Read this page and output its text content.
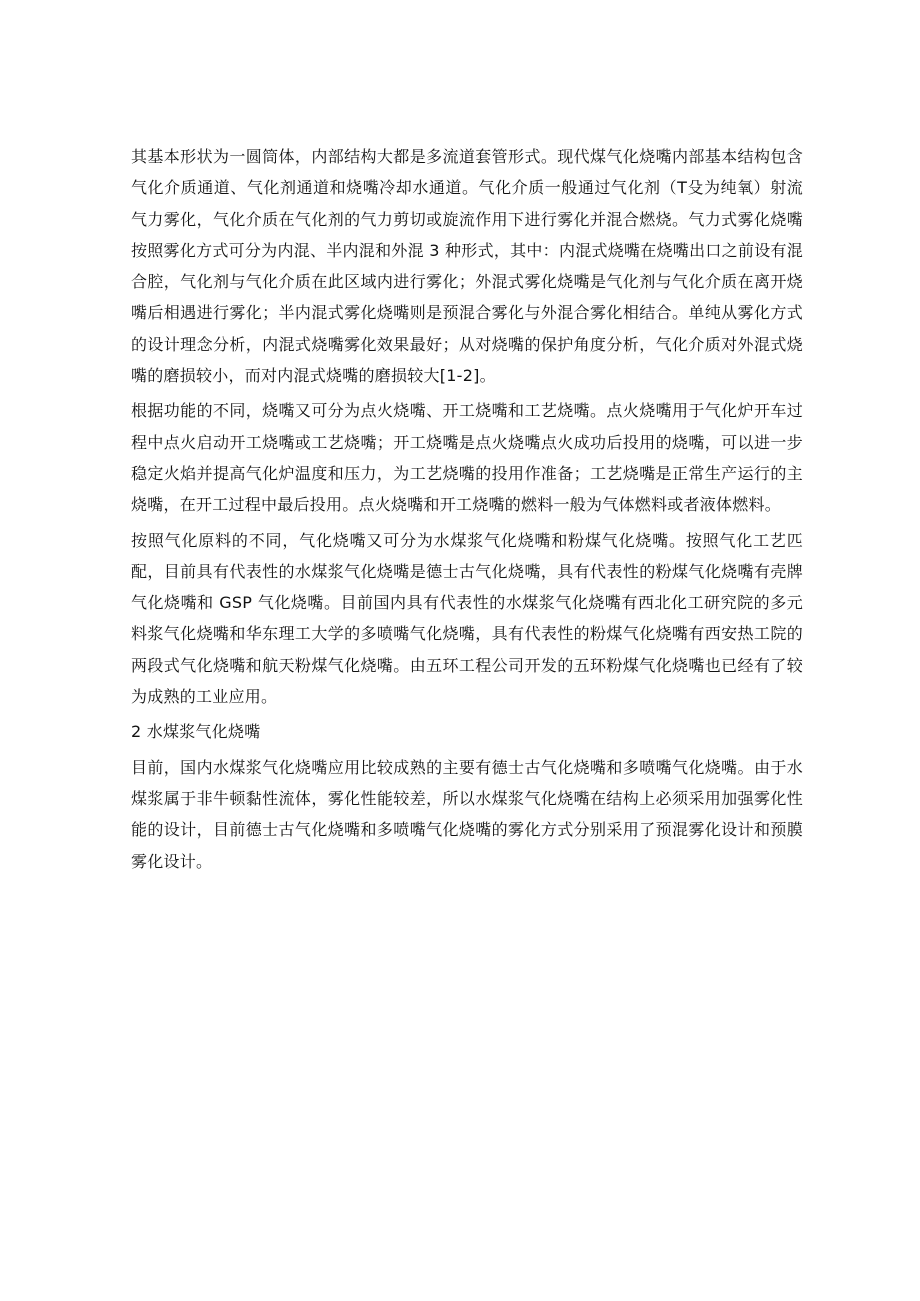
其基本形状为一圆筒体，内部结构大都是多流道套管形式。现代煤气化烧嘴内部基本结构包含气化介质通道、气化剂通道和烧嘴冷却水通道。气化介质一般通过气化剂（T殳为纯氧）射流气力雾化，气化介质在气化剂的气力剪切或旋流作用下进行雾化并混合燃烧。气力式雾化烧嘴按照雾化方式可分为内混、半内混和外混 3 种形式，其中：内混式烧嘴在烧嘴出口之前设有混合腔，气化剂与气化介质在此区域内进行雾化；外混式雾化烧嘴是气化剂与气化介质在离开烧嘴后相遇进行雾化；半内混式雾化烧嘴则是预混合雾化与外混合雾化相结合。单纯从雾化方式的设计理念分析，内混式烧嘴雾化效果最好；从对烧嘴的保护角度分析，气化介质对外混式烧嘴的磨损较小，而对内混式烧嘴的磨损较大[1-2]。

根据功能的不同，烧嘴又可分为点火烧嘴、开工烧嘴和工艺烧嘴。点火烧嘴用于气化炉开车过程中点火启动开工烧嘴或工艺烧嘴；开工烧嘴是点火烧嘴点火成功后投用的烧嘴，可以进一步稳定火焰并提高气化炉温度和压力，为工艺烧嘴的投用作准备；工艺烧嘴是正常生产运行的主烧嘴，在开工过程中最后投用。点火烧嘴和开工烧嘴的燃料一般为气体燃料或者液体燃料。

按照气化原料的不同，气化烧嘴又可分为水煤浆气化烧嘴和粉煤气化烧嘴。按照气化工艺匹配，目前具有代表性的水煤浆气化烧嘴是德士古气化烧嘴，具有代表性的粉煤气化烧嘴有壳牌气化烧嘴和 GSP 气化烧嘴。目前国内具有代表性的水煤浆气化烧嘴有西北化工研究院的多元料浆气化烧嘴和华东理工大学的多喷嘴气化烧嘴，具有代表性的粉煤气化烧嘴有西安热工院的两段式气化烧嘴和航天粉煤气化烧嘴。由五环工程公司开发的五环粉煤气化烧嘴也已经有了较为成熟的工业应用。

2 水煤浆气化烧嘴

目前，国内水煤浆气化烧嘴应用比较成熟的主要有德士古气化烧嘴和多喷嘴气化烧嘴。由于水煤浆属于非牛顿黏性流体，雾化性能较差，所以水煤浆气化烧嘴在结构上必须采用加强雾化性能的设计，目前德士古气化烧嘴和多喷嘴气化烧嘴的雾化方式分别采用了预混雾化设计和预膜雾化设计。
